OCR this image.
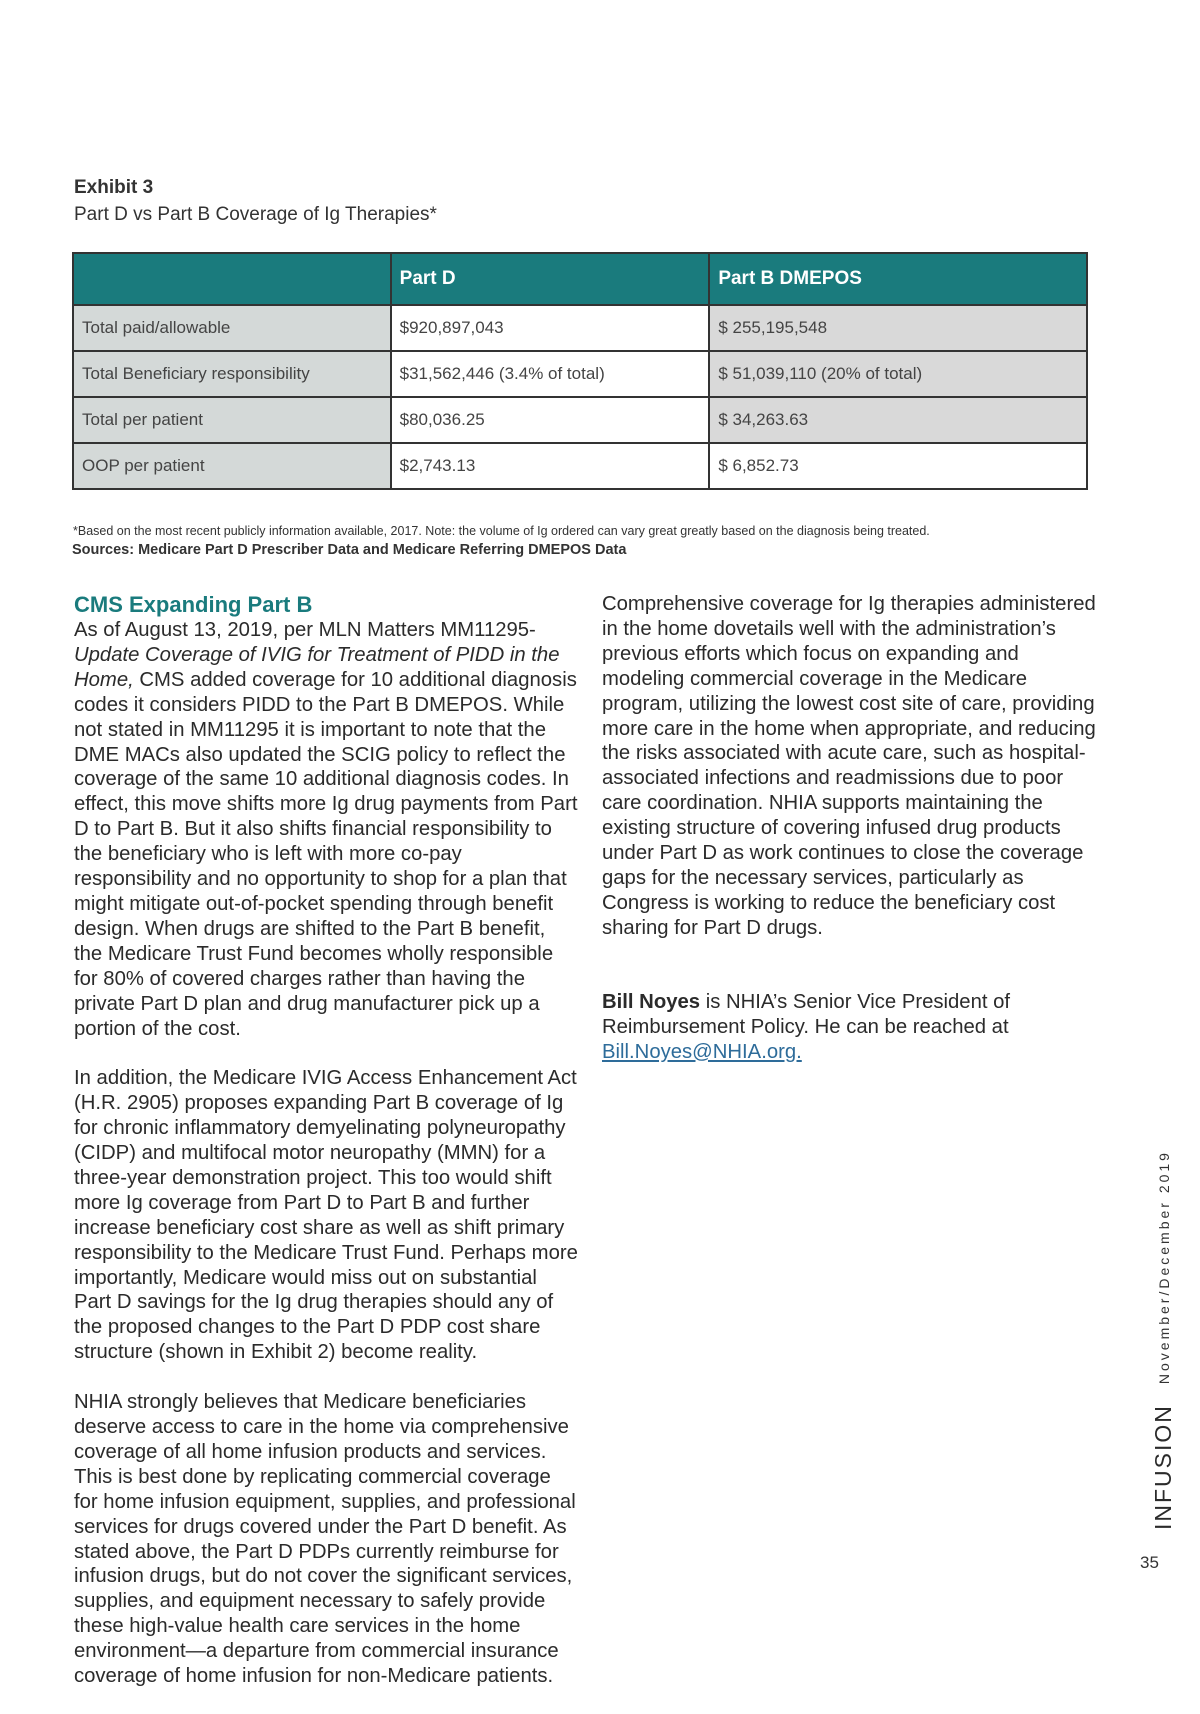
Exhibit 3

Part D vs Part B Coverage of Ig Therapies*

	Part D	Part B DMEPOS
Total paid/allowable	$920,897,043	$ 255,195,548
Total Beneficiary responsibility	$31,562,446 (3.4% of total)	$ 51,039,110 (20% of total)
Total per patient	$80,036.25	$ 34,263.63
OOP per patient	$2,743.13	$ 6,852.73
*Based on the most recent publicly information available, 2017. Note: the volume of Ig ordered can vary great greatly based on the diagnosis being treated.
Sources: Medicare Part D Prescriber Data and Medicare Referring DMEPOS Data
CMS Expanding Part B

As of August 13, 2019, per MLN Matters MM11295-Update Coverage of IVIG for Treatment of PIDD in the Home, CMS added coverage for 10 additional diagnosis codes it considers PIDD to the Part B DMEPOS. While not stated in MM11295 it is important to note that the DME MACs also updated the SCIG policy to reflect the coverage of the same 10 additional diagnosis codes. In effect, this move shifts more Ig drug payments from Part D to Part B. But it also shifts financial responsibility to the beneficiary who is left with more co-pay responsibility and no opportunity to shop for a plan that might mitigate out-of-pocket spending through benefit design. When drugs are shifted to the Part B benefit, the Medicare Trust Fund becomes wholly responsible for 80% of covered charges rather than having the private Part D plan and drug manufacturer pick up a portion of the cost.

In addition, the Medicare IVIG Access Enhancement Act (H.R. 2905) proposes expanding Part B coverage of Ig for chronic inflammatory demyelinating polyneuropathy (CIDP) and multifocal motor neuropathy (MMN) for a three-year demonstration project. This too would shift more Ig coverage from Part D to Part B and further increase beneficiary cost share as well as shift primary responsibility to the Medicare Trust Fund. Perhaps more importantly, Medicare would miss out on substantial Part D savings for the Ig drug therapies should any of the proposed changes to the Part D PDP cost share structure (shown in Exhibit 2) become reality.

NHIA strongly believes that Medicare beneficiaries deserve access to care in the home via comprehensive coverage of all home infusion products and services. This is best done by replicating commercial coverage for home infusion equipment, supplies, and professional services for drugs covered under the Part D benefit. As stated above, the Part D PDPs currently reimburse for infusion drugs, but do not cover the significant services, supplies, and equipment necessary to safely provide these high-value health care services in the home environment—a departure from commercial insurance coverage of home infusion for non-Medicare patients.

Comprehensive coverage for Ig therapies administered in the home dovetails well with the administration’s previous efforts which focus on expanding and modeling commercial coverage in the Medicare program, utilizing the lowest cost site of care, providing more care in the home when appropriate, and reducing the risks associated with acute care, such as hospital-associated infections and readmissions due to poor care coordination. NHIA supports maintaining the existing structure of covering infused drug products under Part D as work continues to close the coverage gaps for the necessary services, particularly as Congress is working to reduce the beneficiary cost sharing for Part D drugs.

Bill Noyes is NHIA’s Senior Vice President of Reimbursement Policy. He can be reached at Bill.Noyes@NHIA.org.

INFUSION
November/December 2019
35
